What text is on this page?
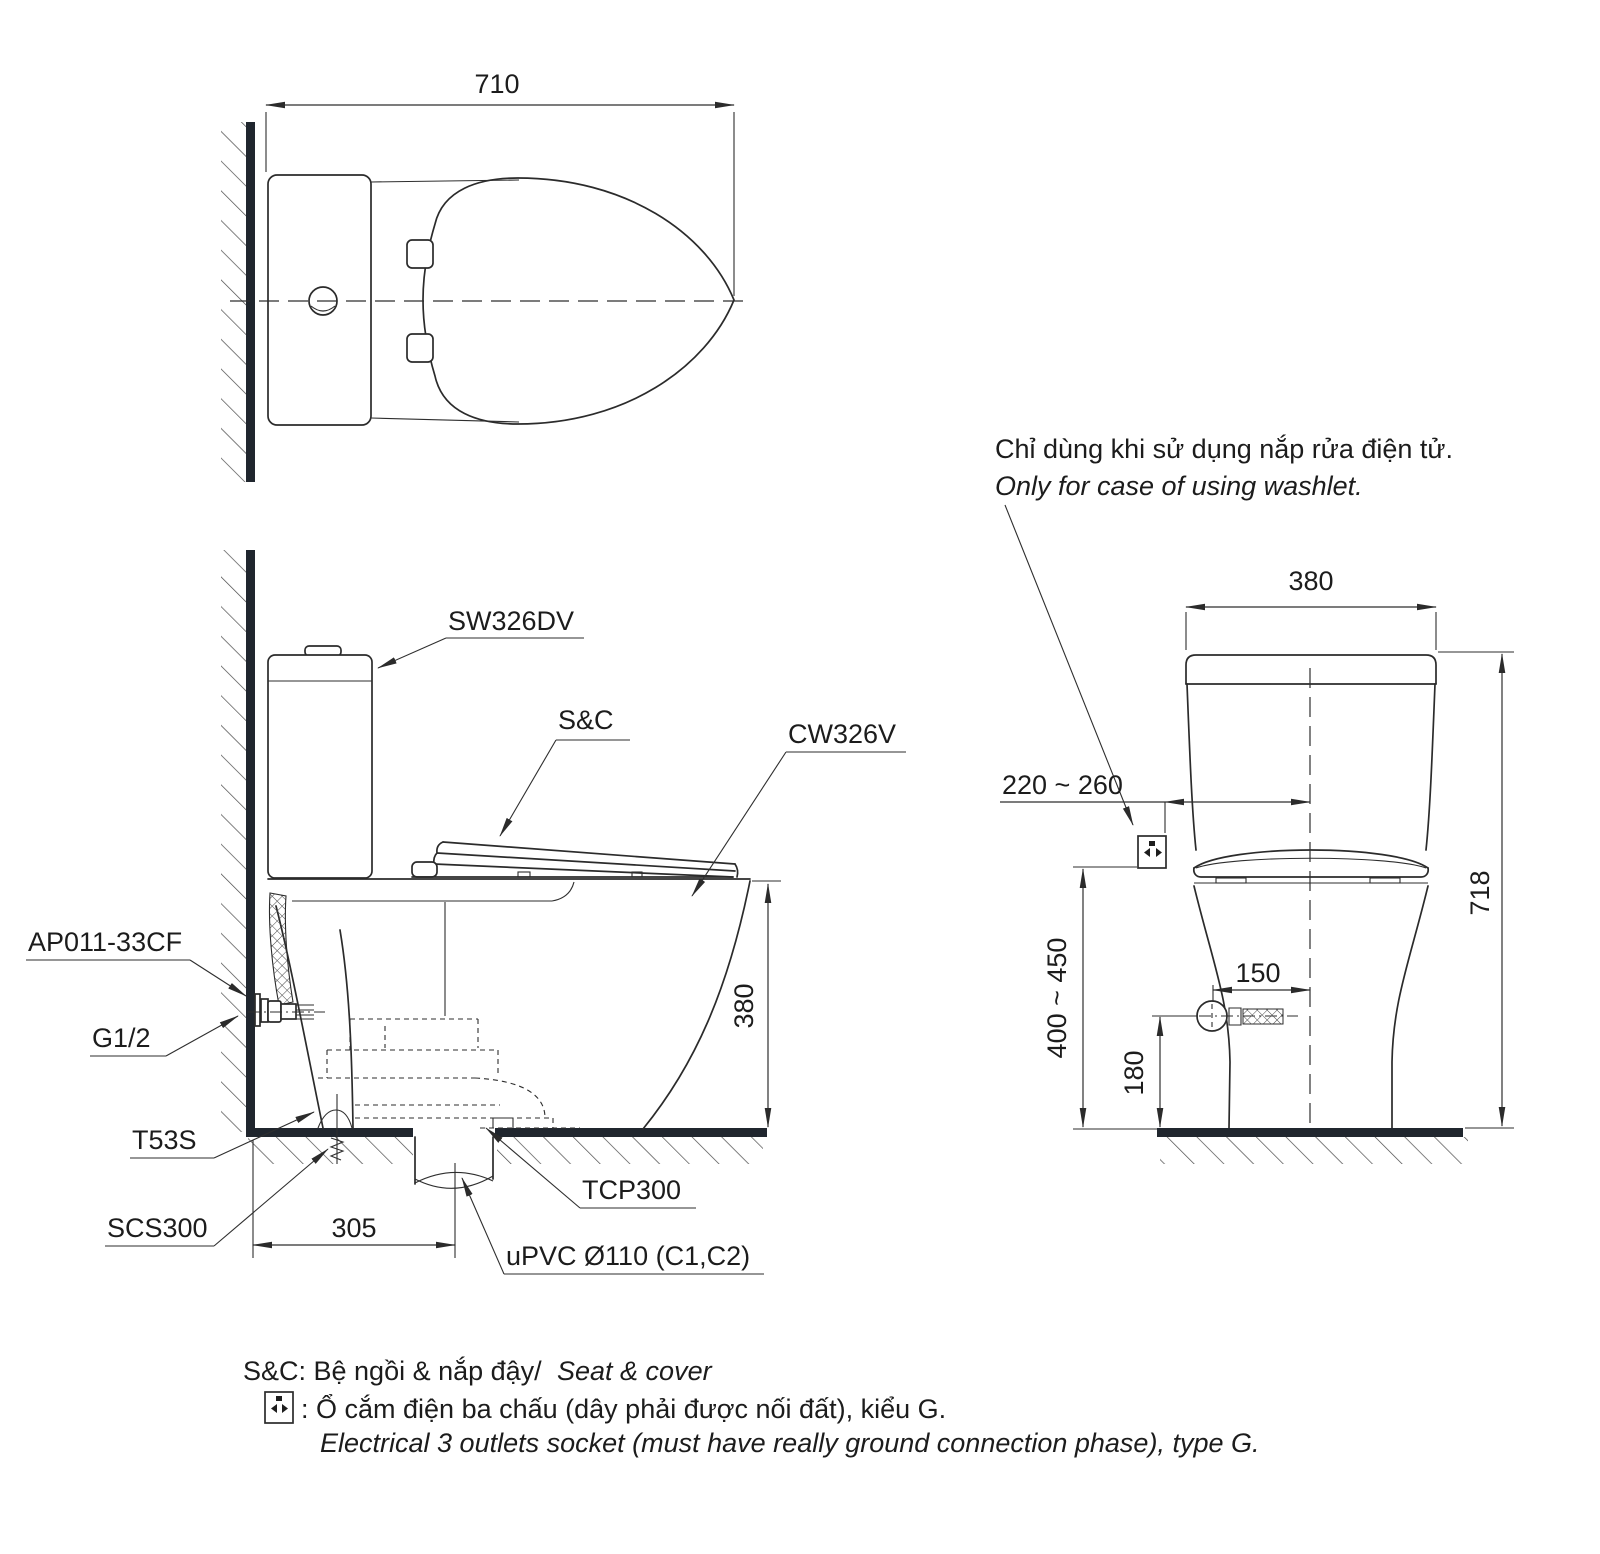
710
380
305
SW326DV
S&C	CW326V
AP011-33CF
G1/2
T53S
SCS300
TCP300
uPVC Ø110 (C1,C2)
Chỉ dùng khi sử dụng nắp rửa điện tử.
Only for case of using washlet.
380
220 ~ 260
400 ~ 450	150
180
718
S&C: Bệ ngồi & nắp đậy/ Seat & cover
: Ổ cắm điện ba chấu (dây phải được nối đất), kiểu G.
Electrical 3 outlets socket (must have really ground connection phase), type G.
